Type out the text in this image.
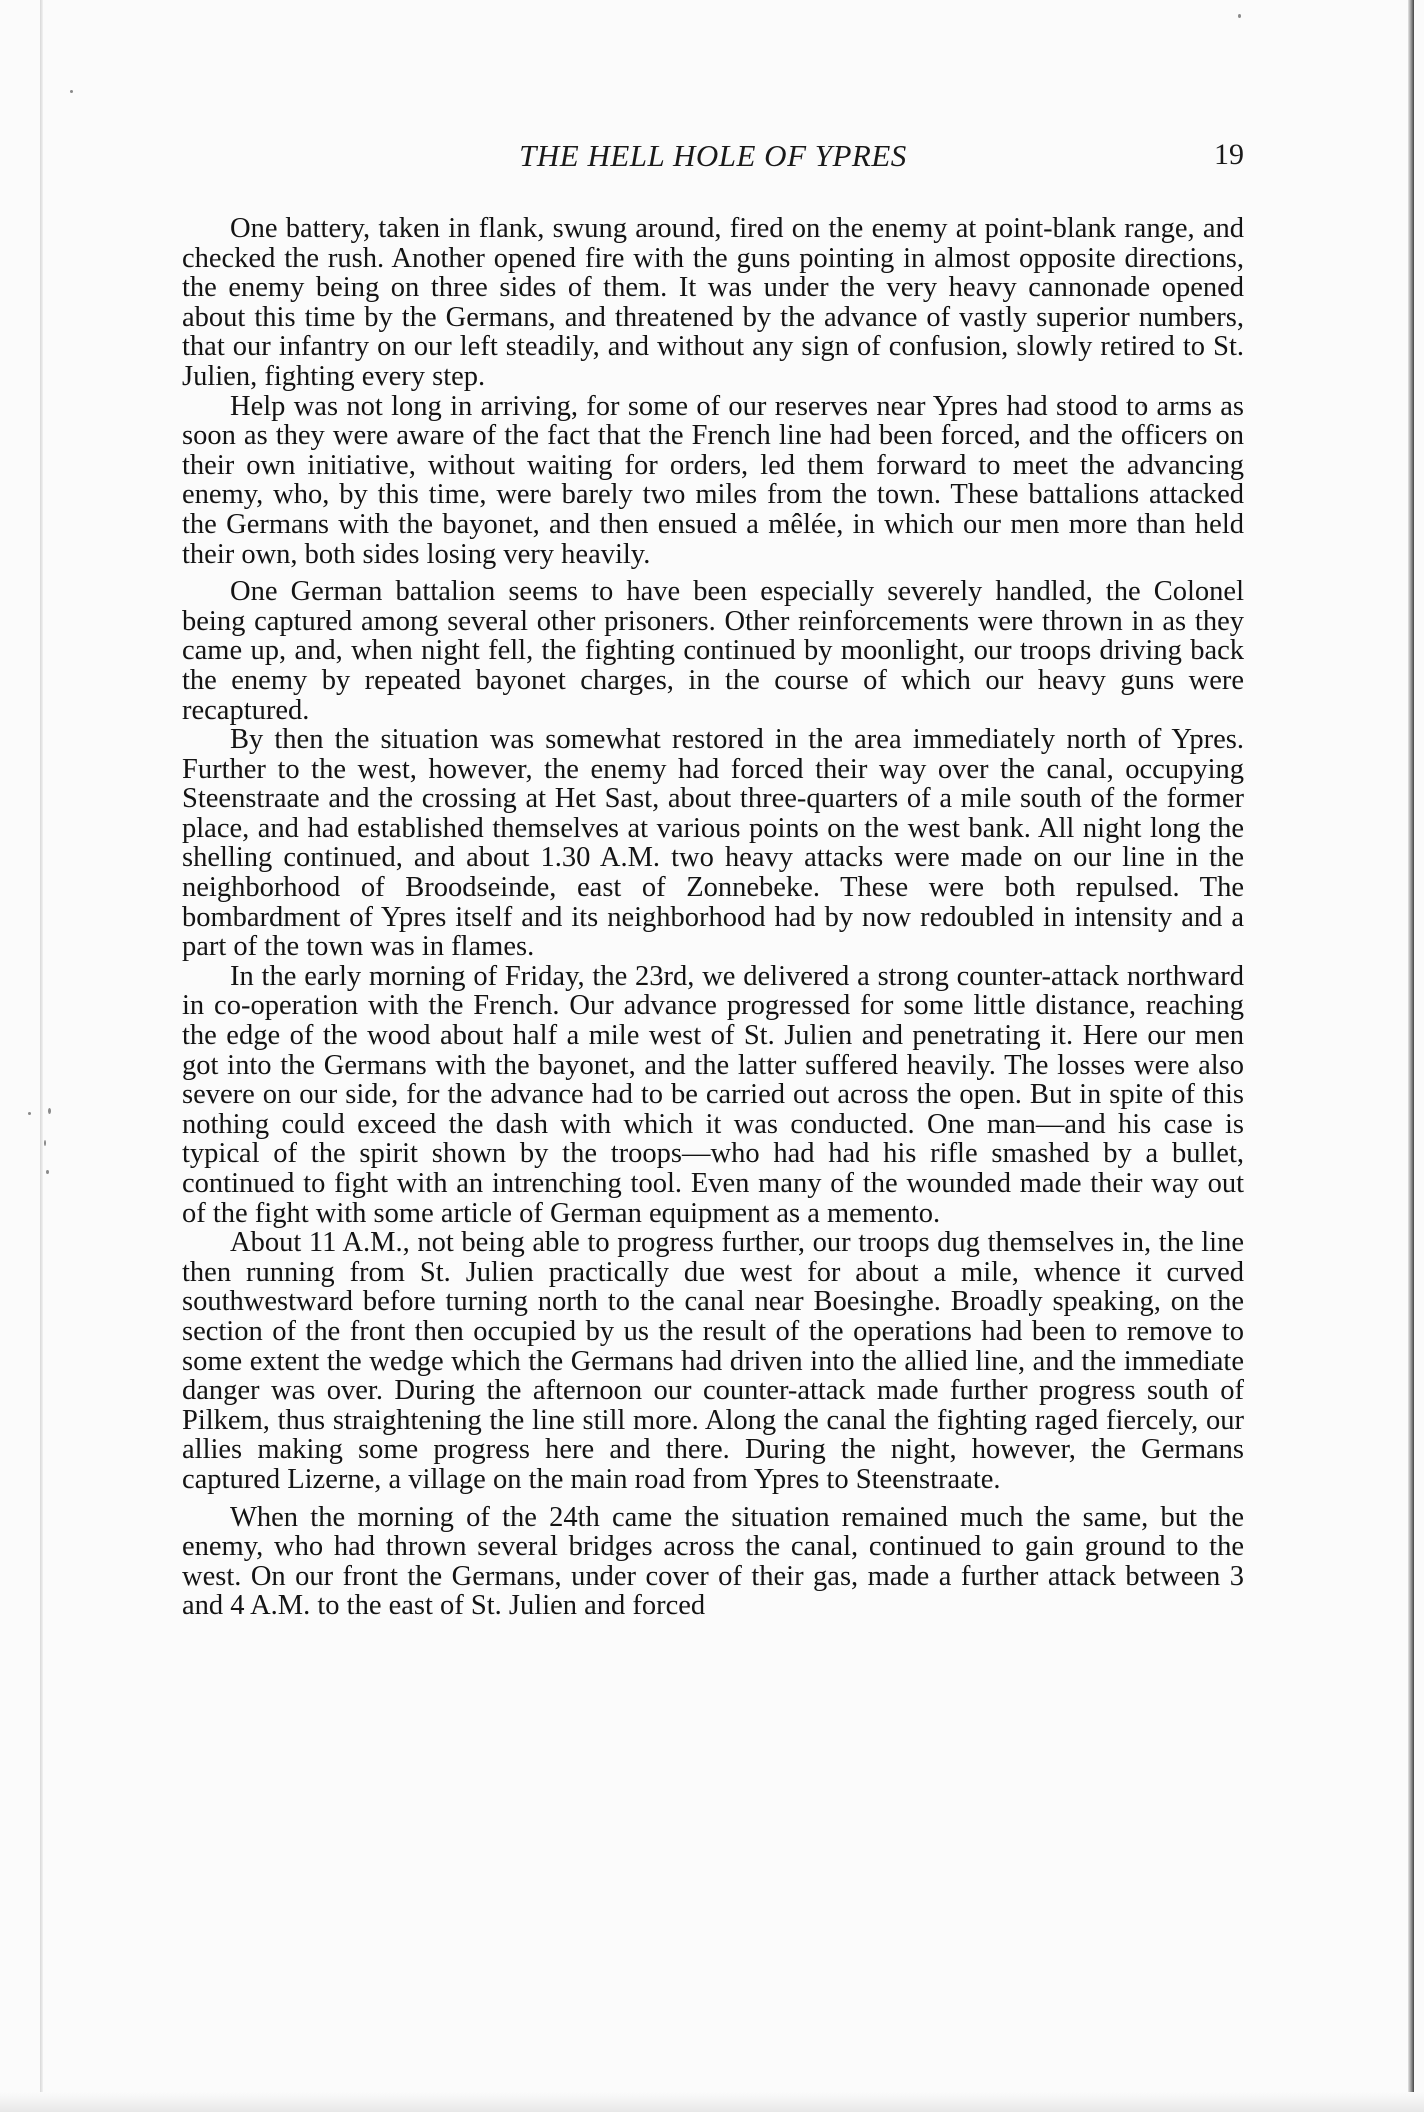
THE HELL HOLE OF YPRES	19

One battery, taken in flank, swung around, fired on the enemy at point-blank range, and checked the rush. Another opened fire with the guns pointing in almost opposite directions, the enemy being on three sides of them. It was under the very heavy cannonade opened about this time by the Germans, and threatened by the advance of vastly superior numbers, that our infantry on our left steadily, and without any sign of confusion, slowly retired to St. Julien, fighting every step.

Help was not long in arriving, for some of our reserves near Ypres had stood to arms as soon as they were aware of the fact that the French line had been forced, and the officers on their own initiative, without waiting for orders, led them forward to meet the advancing enemy, who, by this time, were barely two miles from the town. These battalions attacked the Germans with the bayonet, and then ensued a mêlée, in which our men more than held their own, both sides losing very heavily.

One German battalion seems to have been especially severely handled, the Colonel being captured among several other prisoners. Other reinforcements were thrown in as they came up, and, when night fell, the fighting continued by moonlight, our troops driving back the enemy by repeated bayonet charges, in the course of which our heavy guns were recaptured.

By then the situation was somewhat restored in the area immediately north of Ypres. Further to the west, however, the enemy had forced their way over the canal, occupying Steenstraate and the crossing at Het Sast, about three-quarters of a mile south of the former place, and had established themselves at various points on the west bank. All night long the shelling continued, and about 1.30 A.M. two heavy attacks were made on our line in the neighborhood of Broodseinde, east of Zonnebeke. These were both repulsed. The bombardment of Ypres itself and its neighborhood had by now redoubled in intensity and a part of the town was in flames.

In the early morning of Friday, the 23rd, we delivered a strong counter-attack northward in co-operation with the French. Our advance progressed for some little distance, reaching the edge of the wood about half a mile west of St. Julien and penetrating it. Here our men got into the Germans with the bayonet, and the latter suffered heavily. The losses were also severe on our side, for the advance had to be carried out across the open. But in spite of this nothing could exceed the dash with which it was conducted. One man—and his case is typical of the spirit shown by the troops—who had had his rifle smashed by a bullet, continued to fight with an intrenching tool. Even many of the wounded made their way out of the fight with some article of German equipment as a memento.

About 11 A.M., not being able to progress further, our troops dug themselves in, the line then running from St. Julien practically due west for about a mile, whence it curved southwestward before turning north to the canal near Boesinghe. Broadly speaking, on the section of the front then occupied by us the result of the operations had been to remove to some extent the wedge which the Germans had driven into the allied line, and the immediate danger was over. During the afternoon our counter-attack made further progress south of Pilkem, thus straightening the line still more. Along the canal the fighting raged fiercely, our allies making some progress here and there. During the night, however, the Germans captured Lizerne, a village on the main road from Ypres to Steenstraate.

When the morning of the 24th came the situation remained much the same, but the enemy, who had thrown several bridges across the canal, continued to gain ground to the west. On our front the Germans, under cover of their gas, made a further attack between 3 and 4 A.M. to the east of St. Julien and forced
